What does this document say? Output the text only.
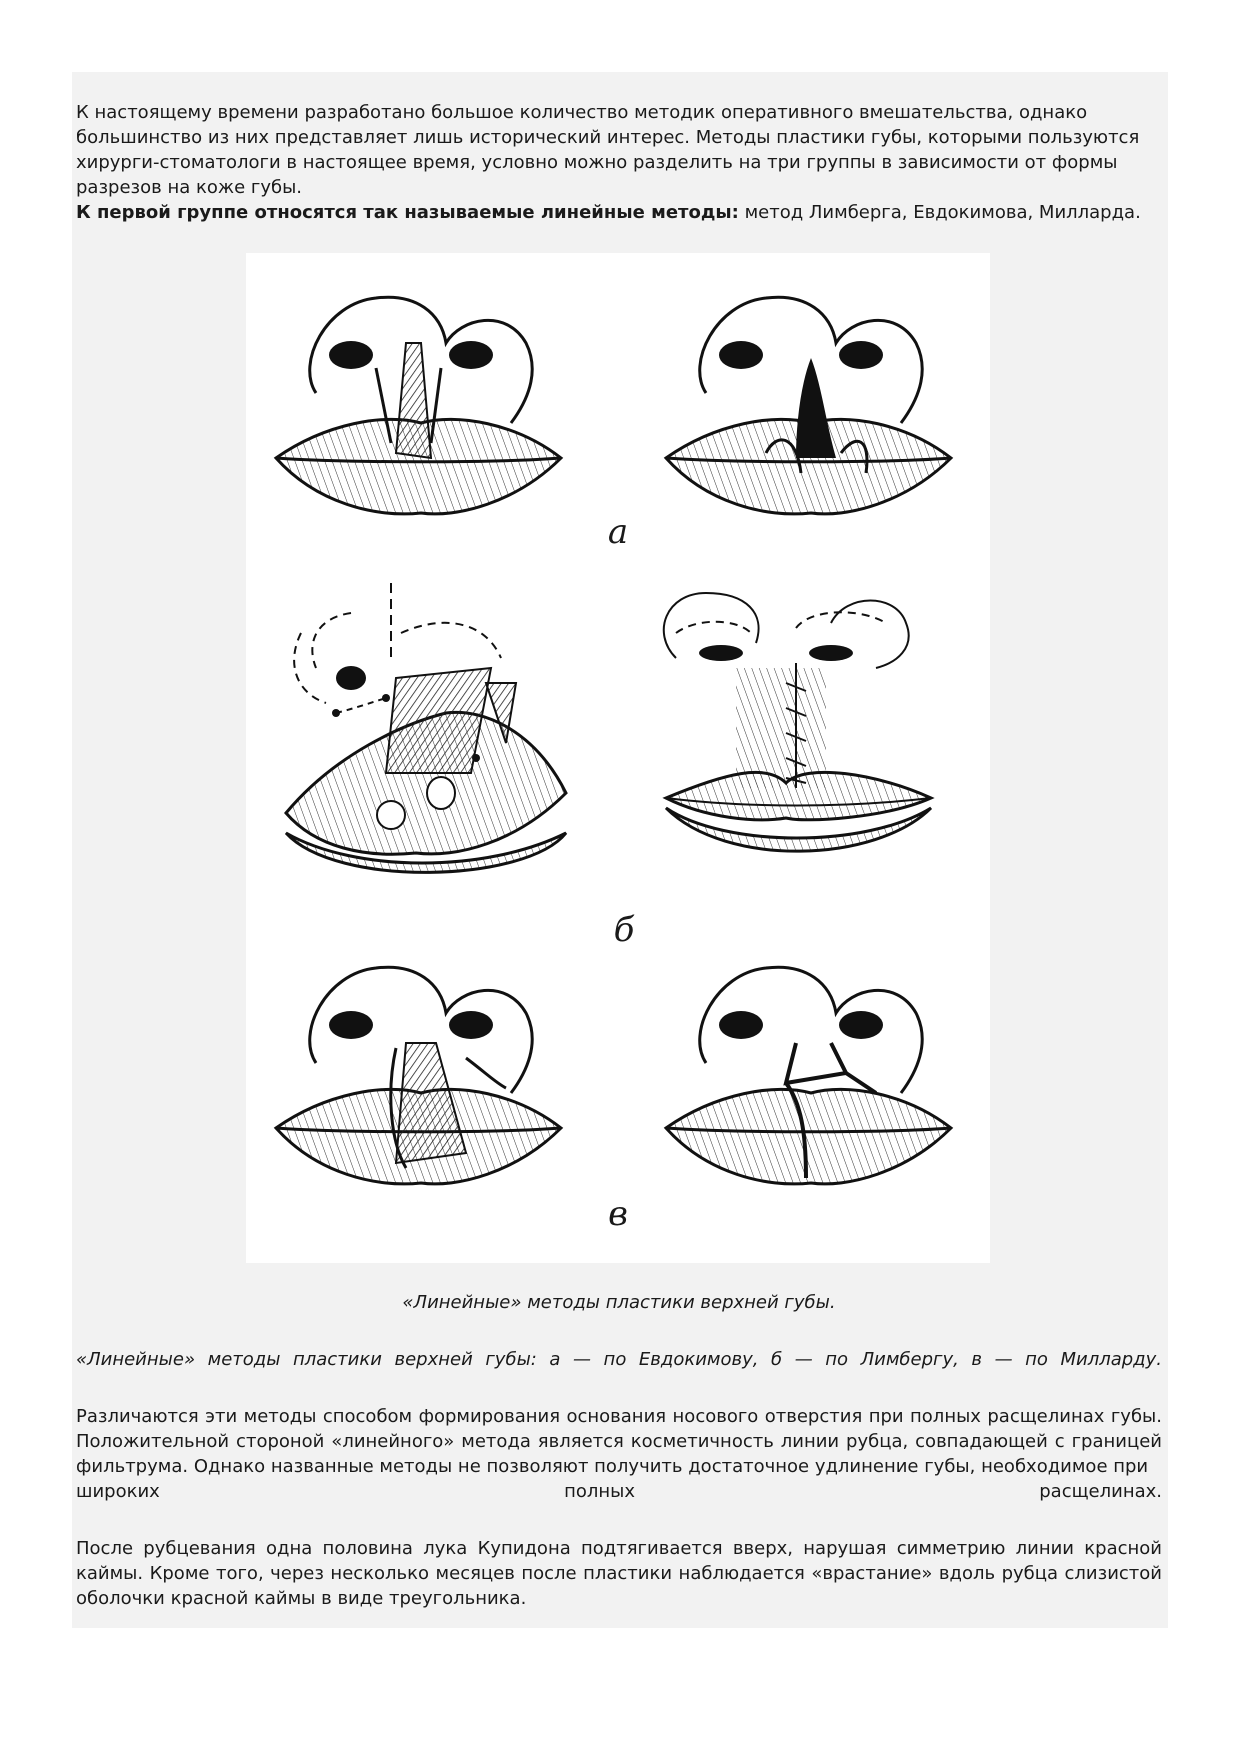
К настоящему времени разработано большое количество методик оперативного вмешательства, однако большинство из них представляет лишь исторический интерес. Методы пластики губы, которыми пользуются хирурги-стоматологи в настоящее время, условно можно разделить на три группы в зависимости от формы разрезов на коже губы.

К первой группе относятся так называемые линейные методы: метод Лимберга, Евдокимова, Милларда.

а
б
в

«Линейные» методы пластики верхней губы.

«Линейные» методы пластики верхней губы: а — по Евдокимову, б — по Лимбергу, в — по Милларду.

Различаются эти методы способом формирования основания носового отверстия при полных расщелинах губы. Положительной стороной «линейного» метода является косметичность линии рубца, совпадающей с границей фильтрума. Однако названные методы не позволяют получить достаточное удлинение губы, необходимое при
широких полных расщелинах.

После рубцевания одна половина лука Купидона подтягивается вверх, нарушая симметрию линии красной каймы. Кроме того, через несколько месяцев после пластики наблюдается «врастание» вдоль рубца слизистой оболочки красной каймы в виде треугольника.
